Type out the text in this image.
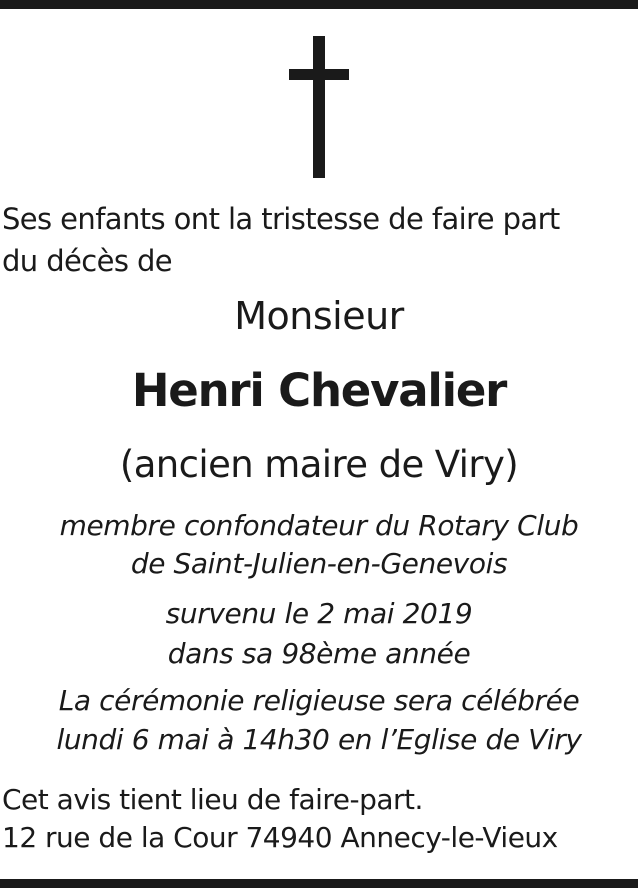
Ses enfants ont la tristesse de faire part
du décès de
Monsieur
Henri Chevalier
(ancien maire de Viry)
membre confondateur du Rotary Club
de Saint-Julien-en-Genevois
survenu le 2 mai 2019
dans sa 98ème année
La cérémonie religieuse sera célébrée
lundi 6 mai à 14h30 en l’Eglise de Viry
Cet avis tient lieu de faire-part.
12 rue de la Cour 74940 Annecy-le-Vieux
